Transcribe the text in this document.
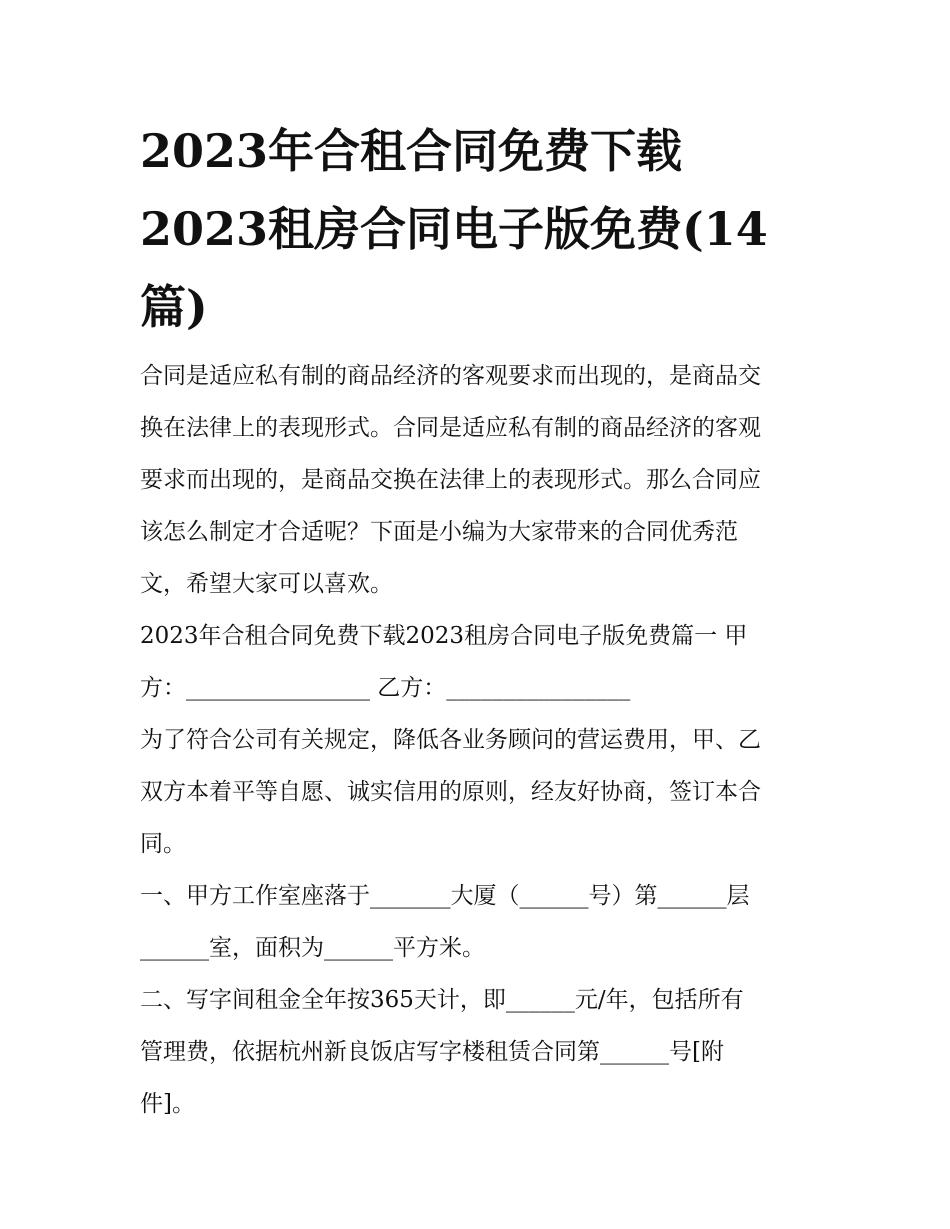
2023年合租合同免费下载
2023租房合同电子版免费(14
篇)

合同是适应私有制的商品经济的客观要求而出现的，是商品交
换在法律上的表现形式。合同是适应私有制的商品经济的客观
要求而出现的，是商品交换在法律上的表现形式。那么合同应
该怎么制定才合适呢？下面是小编为大家带来的合同优秀范
文，希望大家可以喜欢。

2023年合租合同免费下载2023租房合同电子版免费篇一 甲
方：________________ 乙方：________________

为了符合公司有关规定，降低各业务顾问的营运费用，甲、乙
双方本着平等自愿、诚实信用的原则，经友好协商，签订本合
同。

一、甲方工作室座落于_______大厦（______号）第______层
______室，面积为______平方米。

二、写字间租金全年按365天计，即______元/年，包括所有
管理费，依据杭州新良饭店写字楼租赁合同第______号[附
件]。
